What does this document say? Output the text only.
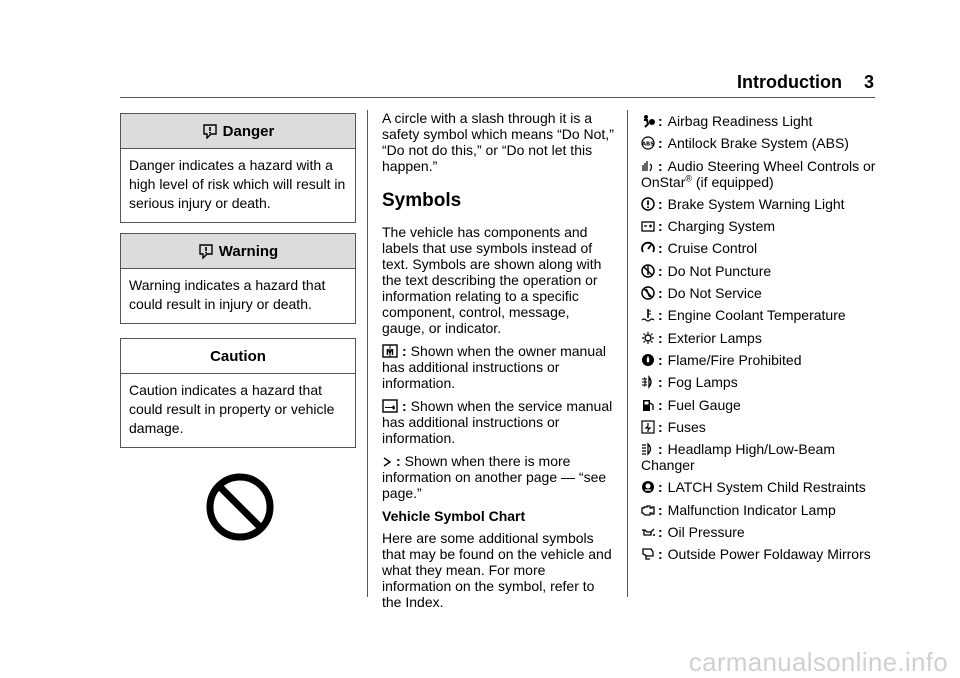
Introduction 3
Danger
Danger indicates a hazard with a high level of risk which will result in serious injury or death.
Warning
Warning indicates a hazard that could result in injury or death.
Caution
Caution indicates a hazard that could result in property or vehicle damage.

A circle with a slash through it is a safety symbol which means “Do Not,” “Do not do this,” or “Do not let this happen.”

Symbols

The vehicle has components and labels that use symbols instead of text. Symbols are shown along with the text describing the operation or information relating to a specific component, control, message, gauge, or indicator.

M : Shown when the owner manual has additional instructions or information.

: Shown when the service manual has additional instructions or information.

: Shown when there is more information on another page — “see page.”

Vehicle Symbol Chart

Here are some additional symbols that may be found on the vehicle and what they mean. For more information on the symbol, refer to the Index.

: Airbag Readiness Light
ABS : Antilock Brake System (ABS)
: Audio Steering Wheel Controls or OnStar® (if equipped)
: Brake System Warning Light
: Charging System
: Cruise Control
: Do Not Puncture
: Do Not Service
: Engine Coolant Temperature
: Exterior Lamps
: Flame/Fire Prohibited
: Fog Lamps
: Fuel Gauge
: Fuses
: Headlamp High/Low-Beam Changer
: LATCH System Child Restraints
: Malfunction Indicator Lamp
: Oil Pressure
: Outside Power Foldaway Mirrors
carmanualsonline.info
